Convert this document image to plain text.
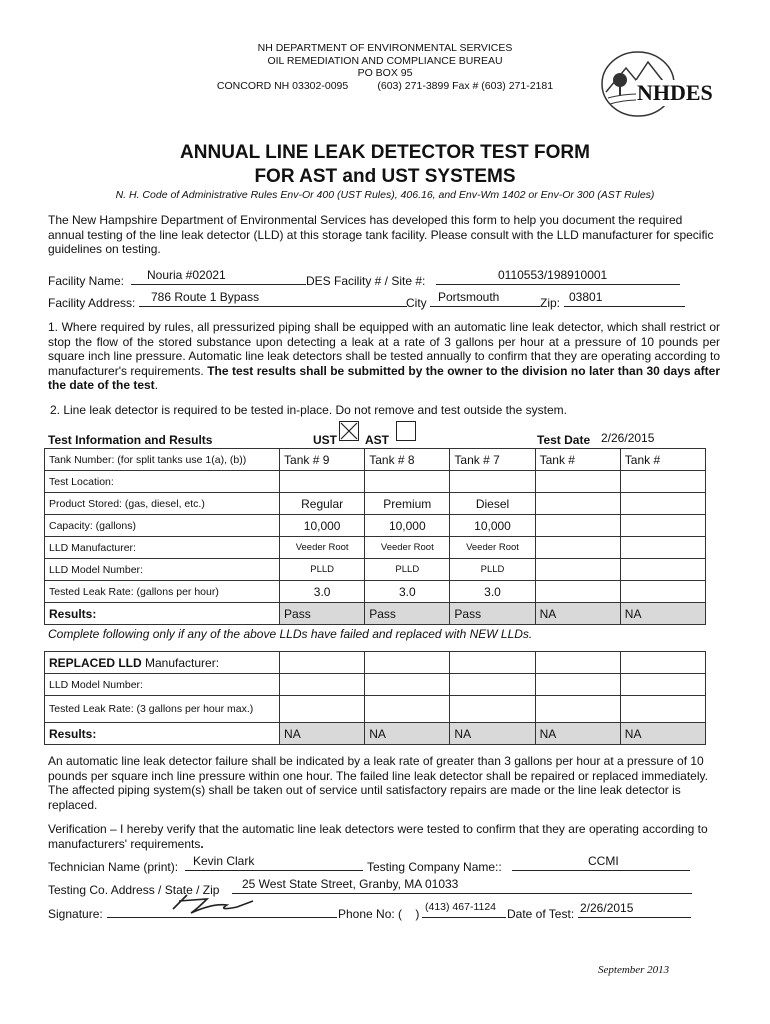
NH DEPARTMENT OF ENVIRONMENTAL SERVICES
OIL REMEDIATION AND COMPLIANCE BUREAU
PO BOX 95
CONCORD NH 03302-0095          (603) 271-3899 Fax # (603) 271-2181	NHDES
ANNUAL LINE LEAK DETECTOR TEST FORM
FOR AST and UST SYSTEMS
N. H. Code of Administrative Rules Env-Or 400 (UST Rules), 406.16, and Env-Wm 1402 or Env-Or 300 (AST Rules)
The New Hampshire Department of Environmental Services has developed this form to help you document the required annual testing of the line leak detector (LLD) at this storage tank facility. Please consult with the LLD manufacturer for specific guidelines on testing.
Facility Name: Nouria #02021	DES Facility # / Site #:	0110553/198910001
Facility Address: 786 Route 1 Bypass	City Portsmouth	Zip: 03801
1. Where required by rules, all pressurized piping shall be equipped with an automatic line leak detector, which shall restrict or stop the flow of the stored substance upon detecting a leak at a rate of 3 gallons per hour at a pressure of 10 pounds per square inch line pressure. Automatic line leak detectors shall be tested annually to confirm that they are operating according to manufacturer's requirements. The test results shall be submitted by the owner to the division no later than 30 days after the date of the test.
2. Line leak detector is required to be tested in-place. Do not remove and test outside the system.
Test Information and Results	UST AST	Test Date 2/26/2015
Tank Number: (for split tanks use 1(a), (b))	Tank # 9	Tank # 8	Tank # 7	Tank #	Tank #
Test Location:					
Product Stored: (gas, diesel, etc.)	Regular	Premium	Diesel		
Capacity: (gallons)	10,000	10,000	10,000		
LLD Manufacturer:	Veeder Root	Veeder Root	Veeder Root		
LLD Model Number:	PLLD	PLLD	PLLD		
Tested Leak Rate: (gallons per hour)	3.0	3.0	3.0		
Results:	Pass	Pass	Pass	NA	NA
Complete following only if any of the above LLDs have failed and replaced with NEW LLDs.
REPLACED LLD Manufacturer:					
LLD Model Number:					
Tested Leak Rate: (3 gallons per hour max.)					
Results:	NA	NA	NA	NA	NA
An automatic line leak detector failure shall be indicated by a leak rate of greater than 3 gallons per hour at a pressure of 10 pounds per square inch line pressure within one hour. The failed line leak detector shall be repaired or replaced immediately. The affected piping system(s) shall be taken out of service until satisfactory repairs are made or the line leak detector is replaced.
Verification – I hereby verify that the automatic line leak detectors were tested to confirm that they are operating according to manufacturers' requirements.
Technician Name (print): Kevin Clark	Testing Company Name::	CCMI
Testing Co. Address / State / Zip 25 West State Street, Granby, MA 01033
Signature:	Phone No: (    ) (413) 467-1124 Date of Test: 2/26/2015
September 2013
